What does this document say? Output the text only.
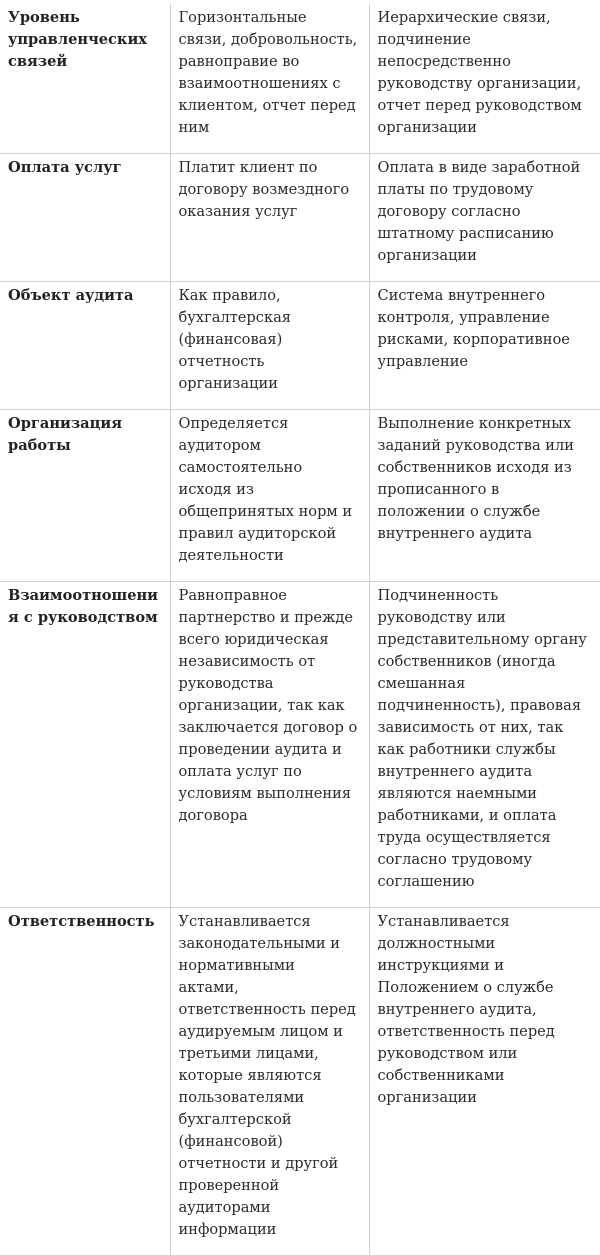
Уровень управленческих связей	Горизонтальные связи, добровольность, равноправие во взаимоотношениях с клиентом, отчет перед ним	Иерархические связи, подчинение непосредственно руководству организации, отчет перед руководством организации
Оплата услуг	Платит клиент по договору возмездного оказания услуг	Оплата в виде заработной платы по трудовому договору согласно штатному расписанию организации
Объект аудита	Как правило, бухгалтерская (финансовая) отчетность организации	Система внутреннего контроля, управление рисками, корпоративное управление
Организация работы	Определяется аудитором самостоятельно исходя из общепринятых норм и правил аудиторской деятельности	Выполнение конкретных заданий руководства или собственников исходя из прописанного в положении о службе внутреннего аудита
Взаимоотношения с руководством	Равноправное партнерство и прежде всего юридическая независимость от руководства организации, так как заключается договор о проведении аудита и оплата услуг по условиям выполнения договора	Подчиненность руководству или представительному органу собственников (иногда смешанная подчиненность), правовая зависимость от них, так как работники службы внутреннего аудита являются наемными работниками, и оплата труда осуществляется согласно трудовому соглашению
Ответственность	Устанавливается законодательными и нормативными актами, ответственность перед аудируемым лицом и третьими лицами, которые являются пользователями бухгалтерской (финансовой) отчетности и другой проверенной аудиторами информации	Устанавливается должностными инструкциями и Положением о службе внутреннего аудита, ответственность перед руководством или собственниками организации
